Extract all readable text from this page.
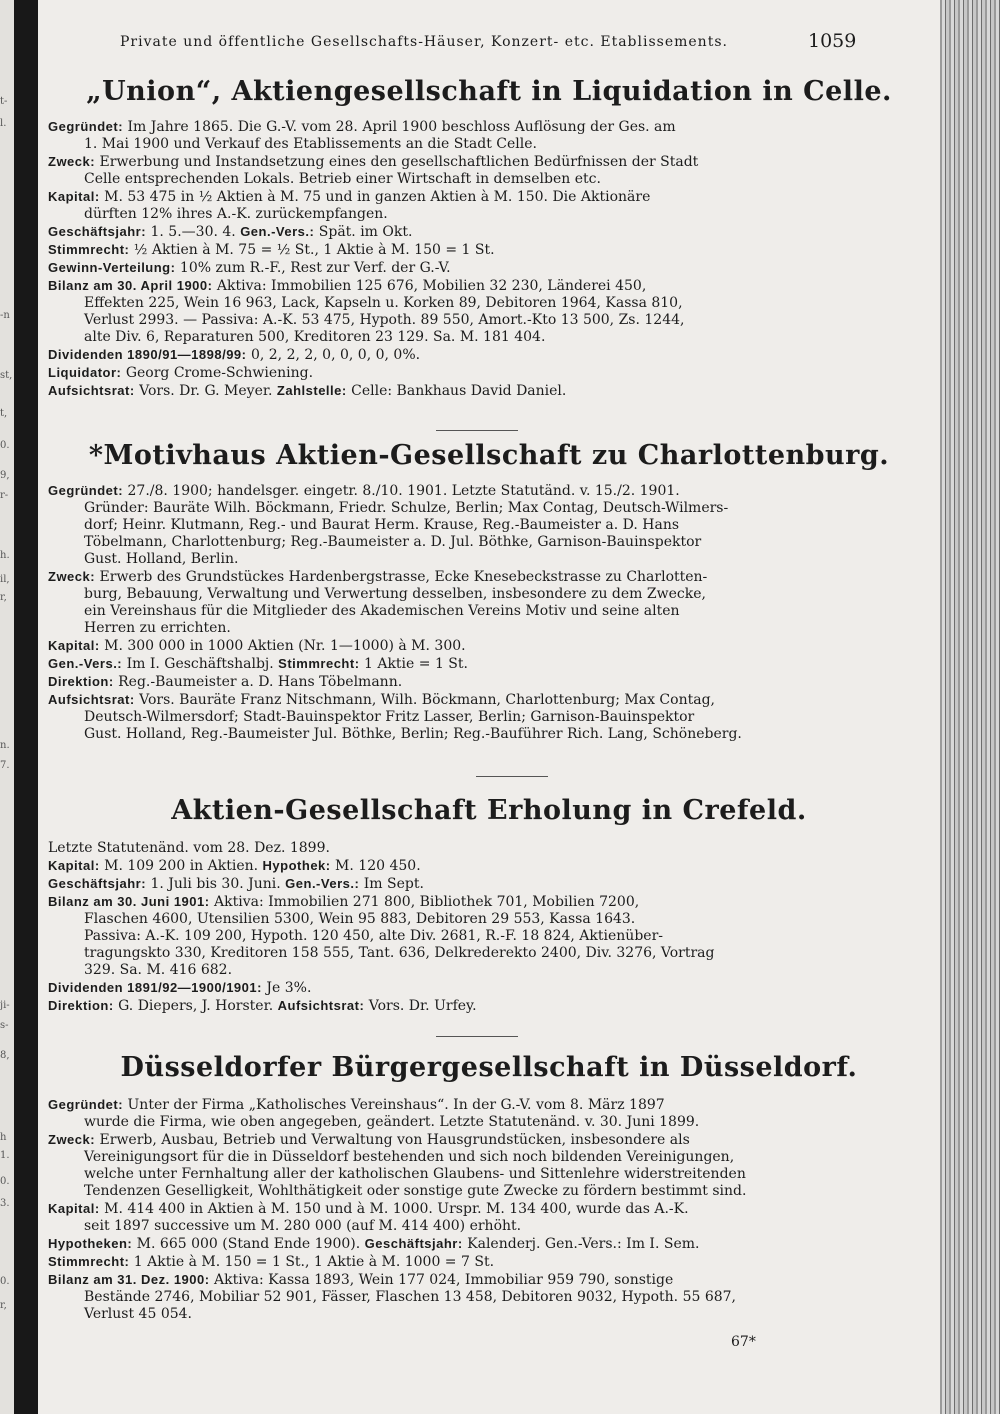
Private und öffentliche Gesellschafts-Häuser, Konzert- etc. Etablissements.	1059
„Union“, Aktiengesellschaft in Liquidation in Celle.

Gegründet: Im Jahre 1865. Die G.-V. vom 28. April 1900 beschloss Auflösung der Ges. am

1. Mai 1900 und Verkauf des Etablissements an die Stadt Celle.

Zweck: Erwerbung und Instandsetzung eines den gesellschaftlichen Bedürfnissen der Stadt

Celle entsprechenden Lokals. Betrieb einer Wirtschaft in demselben etc.

Kapital: M. 53 475 in ½ Aktien à M. 75 und in ganzen Aktien à M. 150. Die Aktionäre

dürften 12% ihres A.-K. zurückempfangen.

Geschäftsjahr: 1. 5.—30. 4. Gen.-Vers.: Spät. im Okt.

Stimmrecht: ½ Aktien à M. 75 = ½ St., 1 Aktie à M. 150 = 1 St.

Gewinn-Verteilung: 10% zum R.-F., Rest zur Verf. der G.-V.

Bilanz am 30. April 1900: Aktiva: Immobilien 125 676, Mobilien 32 230, Länderei 450,

Effekten 225, Wein 16 963, Lack, Kapseln u. Korken 89, Debitoren 1964, Kassa 810,

Verlust 2993. — Passiva: A.-K. 53 475, Hypoth. 89 550, Amort.-Kto 13 500, Zs. 1244,

alte Div. 6, Reparaturen 500, Kreditoren 23 129. Sa. M. 181 404.

Dividenden 1890/91—1898/99: 0, 2, 2, 2, 0, 0, 0, 0, 0%.

Liquidator: Georg Crome-Schwiening.

Aufsichtsrat: Vors. Dr. G. Meyer. Zahlstelle: Celle: Bankhaus David Daniel.

*Motivhaus Aktien-Gesellschaft zu Charlottenburg.

Gegründet: 27./8. 1900; handelsger. eingetr. 8./10. 1901. Letzte Statutänd. v. 15./2. 1901.

Gründer: Bauräte Wilh. Böckmann, Friedr. Schulze, Berlin; Max Contag, Deutsch-Wilmers-

dorf; Heinr. Klutmann, Reg.- und Baurat Herm. Krause, Reg.-Baumeister a. D. Hans

Töbelmann, Charlottenburg; Reg.-Baumeister a. D. Jul. Böthke, Garnison-Bauinspektor

Gust. Holland, Berlin.

Zweck: Erwerb des Grundstückes Hardenbergstrasse, Ecke Knesebeckstrasse zu Charlotten-

burg, Bebauung, Verwaltung und Verwertung desselben, insbesondere zu dem Zwecke,

ein Vereinshaus für die Mitglieder des Akademischen Vereins Motiv und seine alten

Herren zu errichten.

Kapital: M. 300 000 in 1000 Aktien (Nr. 1—1000) à M. 300.

Gen.-Vers.: Im I. Geschäftshalbj. Stimmrecht: 1 Aktie = 1 St.

Direktion: Reg.-Baumeister a. D. Hans Töbelmann.

Aufsichtsrat: Vors. Bauräte Franz Nitschmann, Wilh. Böckmann, Charlottenburg; Max Contag,

Deutsch-Wilmersdorf; Stadt-Bauinspektor Fritz Lasser, Berlin; Garnison-Bauinspektor

Gust. Holland, Reg.-Baumeister Jul. Böthke, Berlin; Reg.-Bauführer Rich. Lang, Schöneberg.

Aktien-Gesellschaft Erholung in Crefeld.

Letzte Statutenänd. vom 28. Dez. 1899.

Kapital: M. 109 200 in Aktien. Hypothek: M. 120 450.

Geschäftsjahr: 1. Juli bis 30. Juni. Gen.-Vers.: Im Sept.

Bilanz am 30. Juni 1901: Aktiva: Immobilien 271 800, Bibliothek 701, Mobilien 7200,

Flaschen 4600, Utensilien 5300, Wein 95 883, Debitoren 29 553, Kassa 1643.

Passiva: A.-K. 109 200, Hypoth. 120 450, alte Div. 2681, R.-F. 18 824, Aktienüber-

tragungskto 330, Kreditoren 158 555, Tant. 636, Delkrederekto 2400, Div. 3276, Vortrag

329. Sa. M. 416 682.

Dividenden 1891/92—1900/1901: Je 3%.

Direktion: G. Diepers, J. Horster. Aufsichtsrat: Vors. Dr. Urfey.

Düsseldorfer Bürgergesellschaft in Düsseldorf.

Gegründet: Unter der Firma „Katholisches Vereinshaus“. In der G.-V. vom 8. März 1897

wurde die Firma, wie oben angegeben, geändert. Letzte Statutenänd. v. 30. Juni 1899.

Zweck: Erwerb, Ausbau, Betrieb und Verwaltung von Hausgrundstücken, insbesondere als

Vereinigungsort für die in Düsseldorf bestehenden und sich noch bildenden Vereinigungen,

welche unter Fernhaltung aller der katholischen Glaubens- und Sittenlehre widerstreitenden

Tendenzen Geselligkeit, Wohlthätigkeit oder sonstige gute Zwecke zu fördern bestimmt sind.

Kapital: M. 414 400 in Aktien à M. 150 und à M. 1000. Urspr. M. 134 400, wurde das A.-K.

seit 1897 successive um M. 280 000 (auf M. 414 400) erhöht.

Hypotheken: M. 665 000 (Stand Ende 1900). Geschäftsjahr: Kalenderj. Gen.-Vers.: Im I. Sem.

Stimmrecht: 1 Aktie à M. 150 = 1 St., 1 Aktie à M. 1000 = 7 St.

Bilanz am 31. Dez. 1900: Aktiva: Kassa 1893, Wein 177 024, Immobiliar 959 790, sonstige

Bestände 2746, Mobiliar 52 901, Fässer, Flaschen 13 458, Debitoren 9032, Hypoth. 55 687,

Verlust 45 054.

67*
t-
l.
-n
st,
t,
0.
9,
r-
h.
il,
r,
n.
7.
ji-
s-
8,
h
1.
0.
3.
0.
r,
